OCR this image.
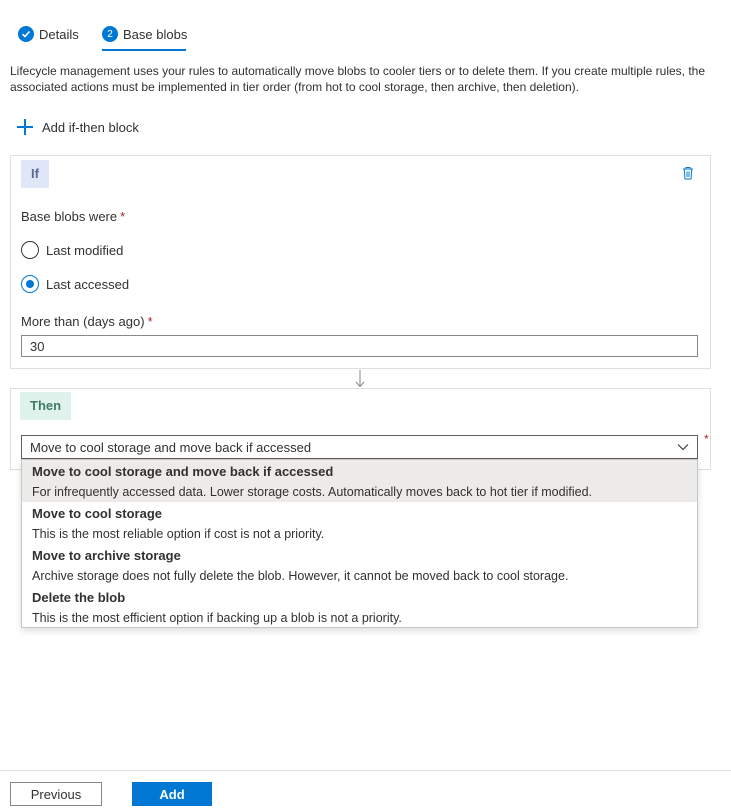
Details	2 Base blobs
Lifecycle management uses your rules to automatically move blobs to cooler tiers or to delete them. If you create multiple rules, the associated actions must be implemented in tier order (from hot to cool storage, then archive, then deletion).
Add if-then block
If
Base blobs were *
Last modified
Last accessed
More than (days ago) *
30
Then
Move to cool storage and move back if accessed
*
Move to cool storage and move back if accessed
For infrequently accessed data. Lower storage costs. Automatically moves back to hot tier if modified.
Move to cool storage
This is the most reliable option if cost is not a priority.
Move to archive storage
Archive storage does not fully delete the blob. However, it cannot be moved back to cool storage.
Delete the blob
This is the most efficient option if backing up a blob is not a priority.
Previous	Add
